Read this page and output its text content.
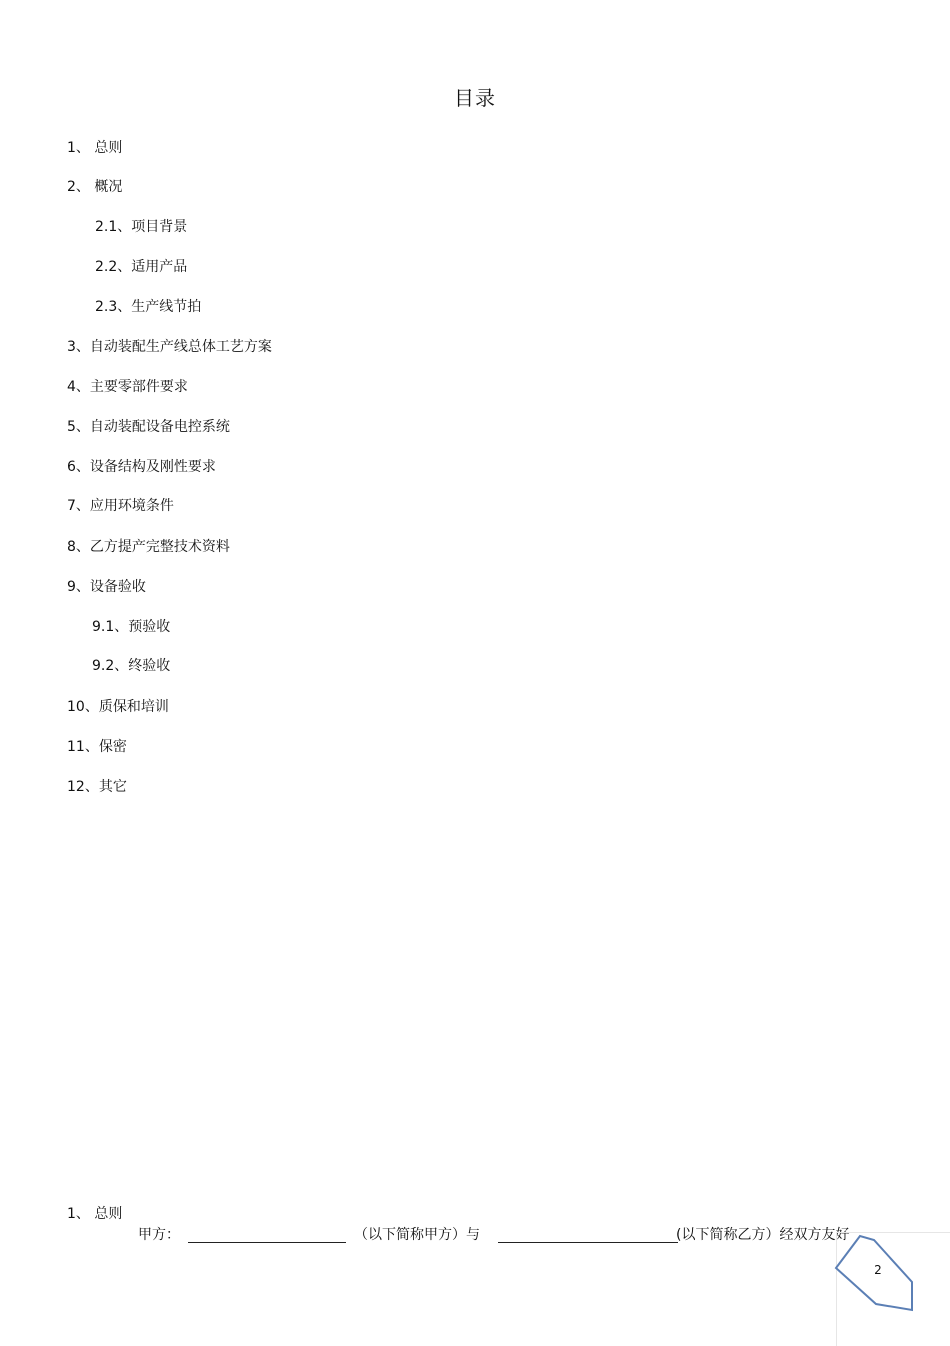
目录
1、 总则
2、 概况
2.1、项目背景
2.2、适用产品
2.3、生产线节拍
3、自动装配生产线总体工艺方案
4、主要零部件要求
5、自动装配设备电控系统
6、设备结构及刚性要求
7、应用环境条件
8、乙方提产完整技术资料
9、设备验收
9.1、预验收
9.2、终验收
10、质保和培训
11、保密
12、其它
1、 总则
甲方：	（以下简称甲方）与	(以下简称乙方）经双方友好
2
